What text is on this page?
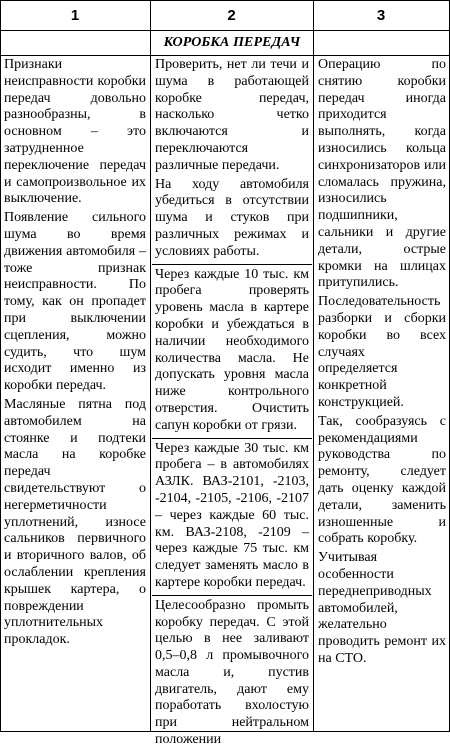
1	2	3
КОРОБКА ПЕРЕДАЧ

Признаки неисправности коробки передач довольно разнообразны, в основном – это затрудненное переключение передач и самопроизвольное их выключение.

Появление сильного шума во время движения автомобиля – тоже признак неисправности. По тому, как он пропадет при выключении сцепления, можно судить, что шум исходит именно из коробки передач.

Масляные пятна под автомобилем на стоянке и подтеки масла на коробке передач свидетельствуют о негерметичности уплотнений, износе сальников первичного и вторичного валов, об ослаблении крепления крышек картера, о повреждении уплотнительных прокладок.

Проверить, нет ли течи и шума в работающей коробке передач, насколько четко включаются и переключаются различные передачи.

На ходу автомобиля убедиться в отсутствии шума и стуков при различных режимах и условиях работы.

Через каждые 10 тыс. км пробега проверять уровень масла в картере коробки и убеждаться в наличии необходимого количества масла. Не допускать уровня масла ниже контрольного отверстия. Очистить сапун коробки от грязи.

Через каждые 30 тыс. км пробега – в автомобилях АЗЛК. ВАЗ-2101, -2103, -2104, -2105, -2106, -2107 – через каждые 60 тыс. км. ВАЗ-2108, -2109 – через каждые 75 тыс. км следует заменять масло в картере коробки передач.

Целесообразно промыть коробку передач. С этой целью в нее заливают 0,5–0,8 л промывочного масла и, пустив двигатель, дают ему поработать вхолостую при нейтральном положении

Операцию по снятию коробки передач иногда приходится выполнять, когда износились кольца синхронизаторов или сломалась пружина, износились подшипники, сальники и другие детали, острые кромки на шлицах притупились.

Последовательность разборки и сборки коробки во всех случаях определяется конкретной конструкцией.

Так, сообразуясь с рекомендациями руководства по ремонту, следует дать оценку каждой детали, заменить изношенные и собрать коробку.

Учитывая особенности переднеприводных автомобилей, желательно проводить ремонт их на СТО.
